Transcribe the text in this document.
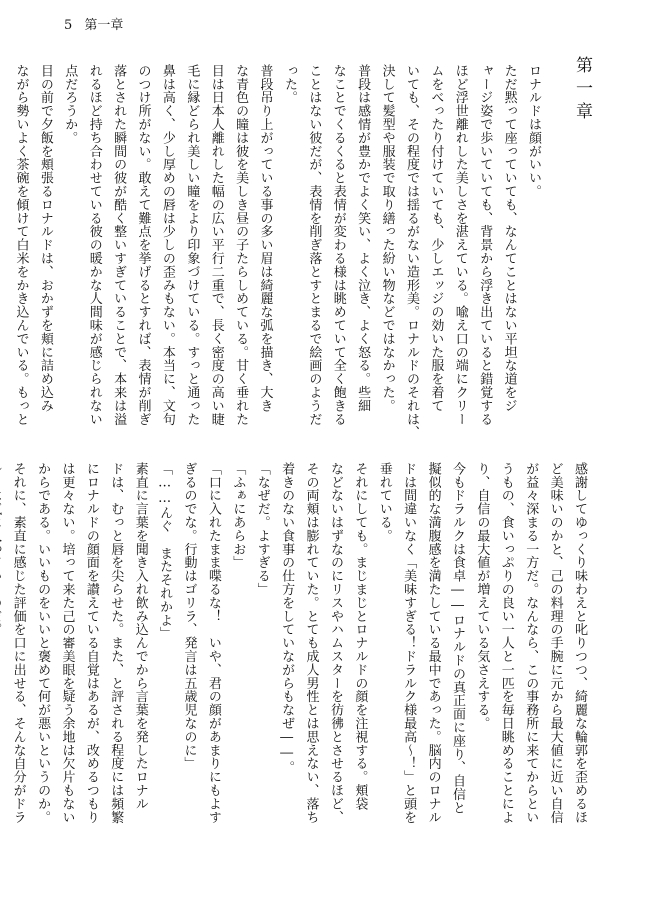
5 第一章
第一章
ロナルドは顔がいい。
ただ黙って座っていても、なんてことはない平坦な道をジ
ャージ姿で歩いていても、背景から浮き出ていると錯覚する
ほど浮世離れした美しさを湛えている。喩え口の端にクリー
ムをべったり付けていても、少しエッジの効いた服を着て
いても、その程度では揺るがない造形美。ロナルドのそれは、
決して髪型や服装で取り繕った紛い物などではなかった。
普段は感情が豊かでよく笑い、よく泣き、よく怒る。些細
なことでくるくると表情が変わる様は眺めていて全く飽きる
ことはない彼だが、表情を削ぎ落とすとまるで絵画のようだ
った。
普段吊り上がっている事の多い眉は綺麗な弧を描き、大き
な青色の瞳は彼を美しき昼の子たらしめている。甘く垂れた
目は日本人離れした幅の広い平行二重で、長く密度の高い睫
毛に縁どられ美しい瞳をより印象づけている。すっと通った
鼻は高く、少し厚めの唇は少しの歪みもない。本当に、文句
のつけ所がない。敢えて難点を挙げるとすれば、表情が削ぎ
落とされた瞬間の彼が酷く整いすぎていることで、本来は溢
れるほど持ち合わせている彼の暖かな人間味が感じられない
点だろうか。
目の前で夕飯を頬張るロナルドは、おかずを頬に詰め込み
ながら勢いよく茶碗を傾けて白米をかき込んでいる。もっと
感謝してゆっくり味わえと叱りつつ、綺麗な輪郭を歪めるほ
ど美味いのかと、己の料理の手腕に元から最大値に近い自信
が益々深まる一方だ。なんなら、この事務所に来てからとい
うもの、食いっぷりの良い一人と一匹を毎日眺めることによ
り、自信の最大値が増えている気さえする。
今もドラルクは食卓――ロナルドの真正面に座り、自信と
擬似的な満腹感を満たしている最中であった。脳内のロナル
ドは間違いなく「美味すぎる！ドラルク様最高～！」と頭を
垂れている。
それにしても。まじまじとロナルドの顔を注視する。頬袋
などないはずなのにリスやハムスターを彷彿とさせるほど、
その両頬は膨れていた。とても成人男性とは思えない、落ち
着きのない食事の仕方をしていながらもなぜ――。
「なぜだ。よすぎる」
「ふぁにあらお」
「口に入れたまま喋るな！　いや、君の顔があまりにもよす
ぎるのでな。行動はゴリラ、発言は五歳児なのに」
「……んぐ　またそれかよ」
素直に言葉を聞き入れ飲み込んでから言葉を発したロナル
ドは、むっと唇を尖らせた。また、と評される程度には頻繁
にロナルドの顔面を讃えている自覚はあるが、改めるつもり
は更々ない。培って来た己の審美眼を疑う余地は欠片もない
からである。いいものをいいと褒めて何が悪いというのか。
それに、素直に感じた評価を口に出せる、そんな自分がドラ
